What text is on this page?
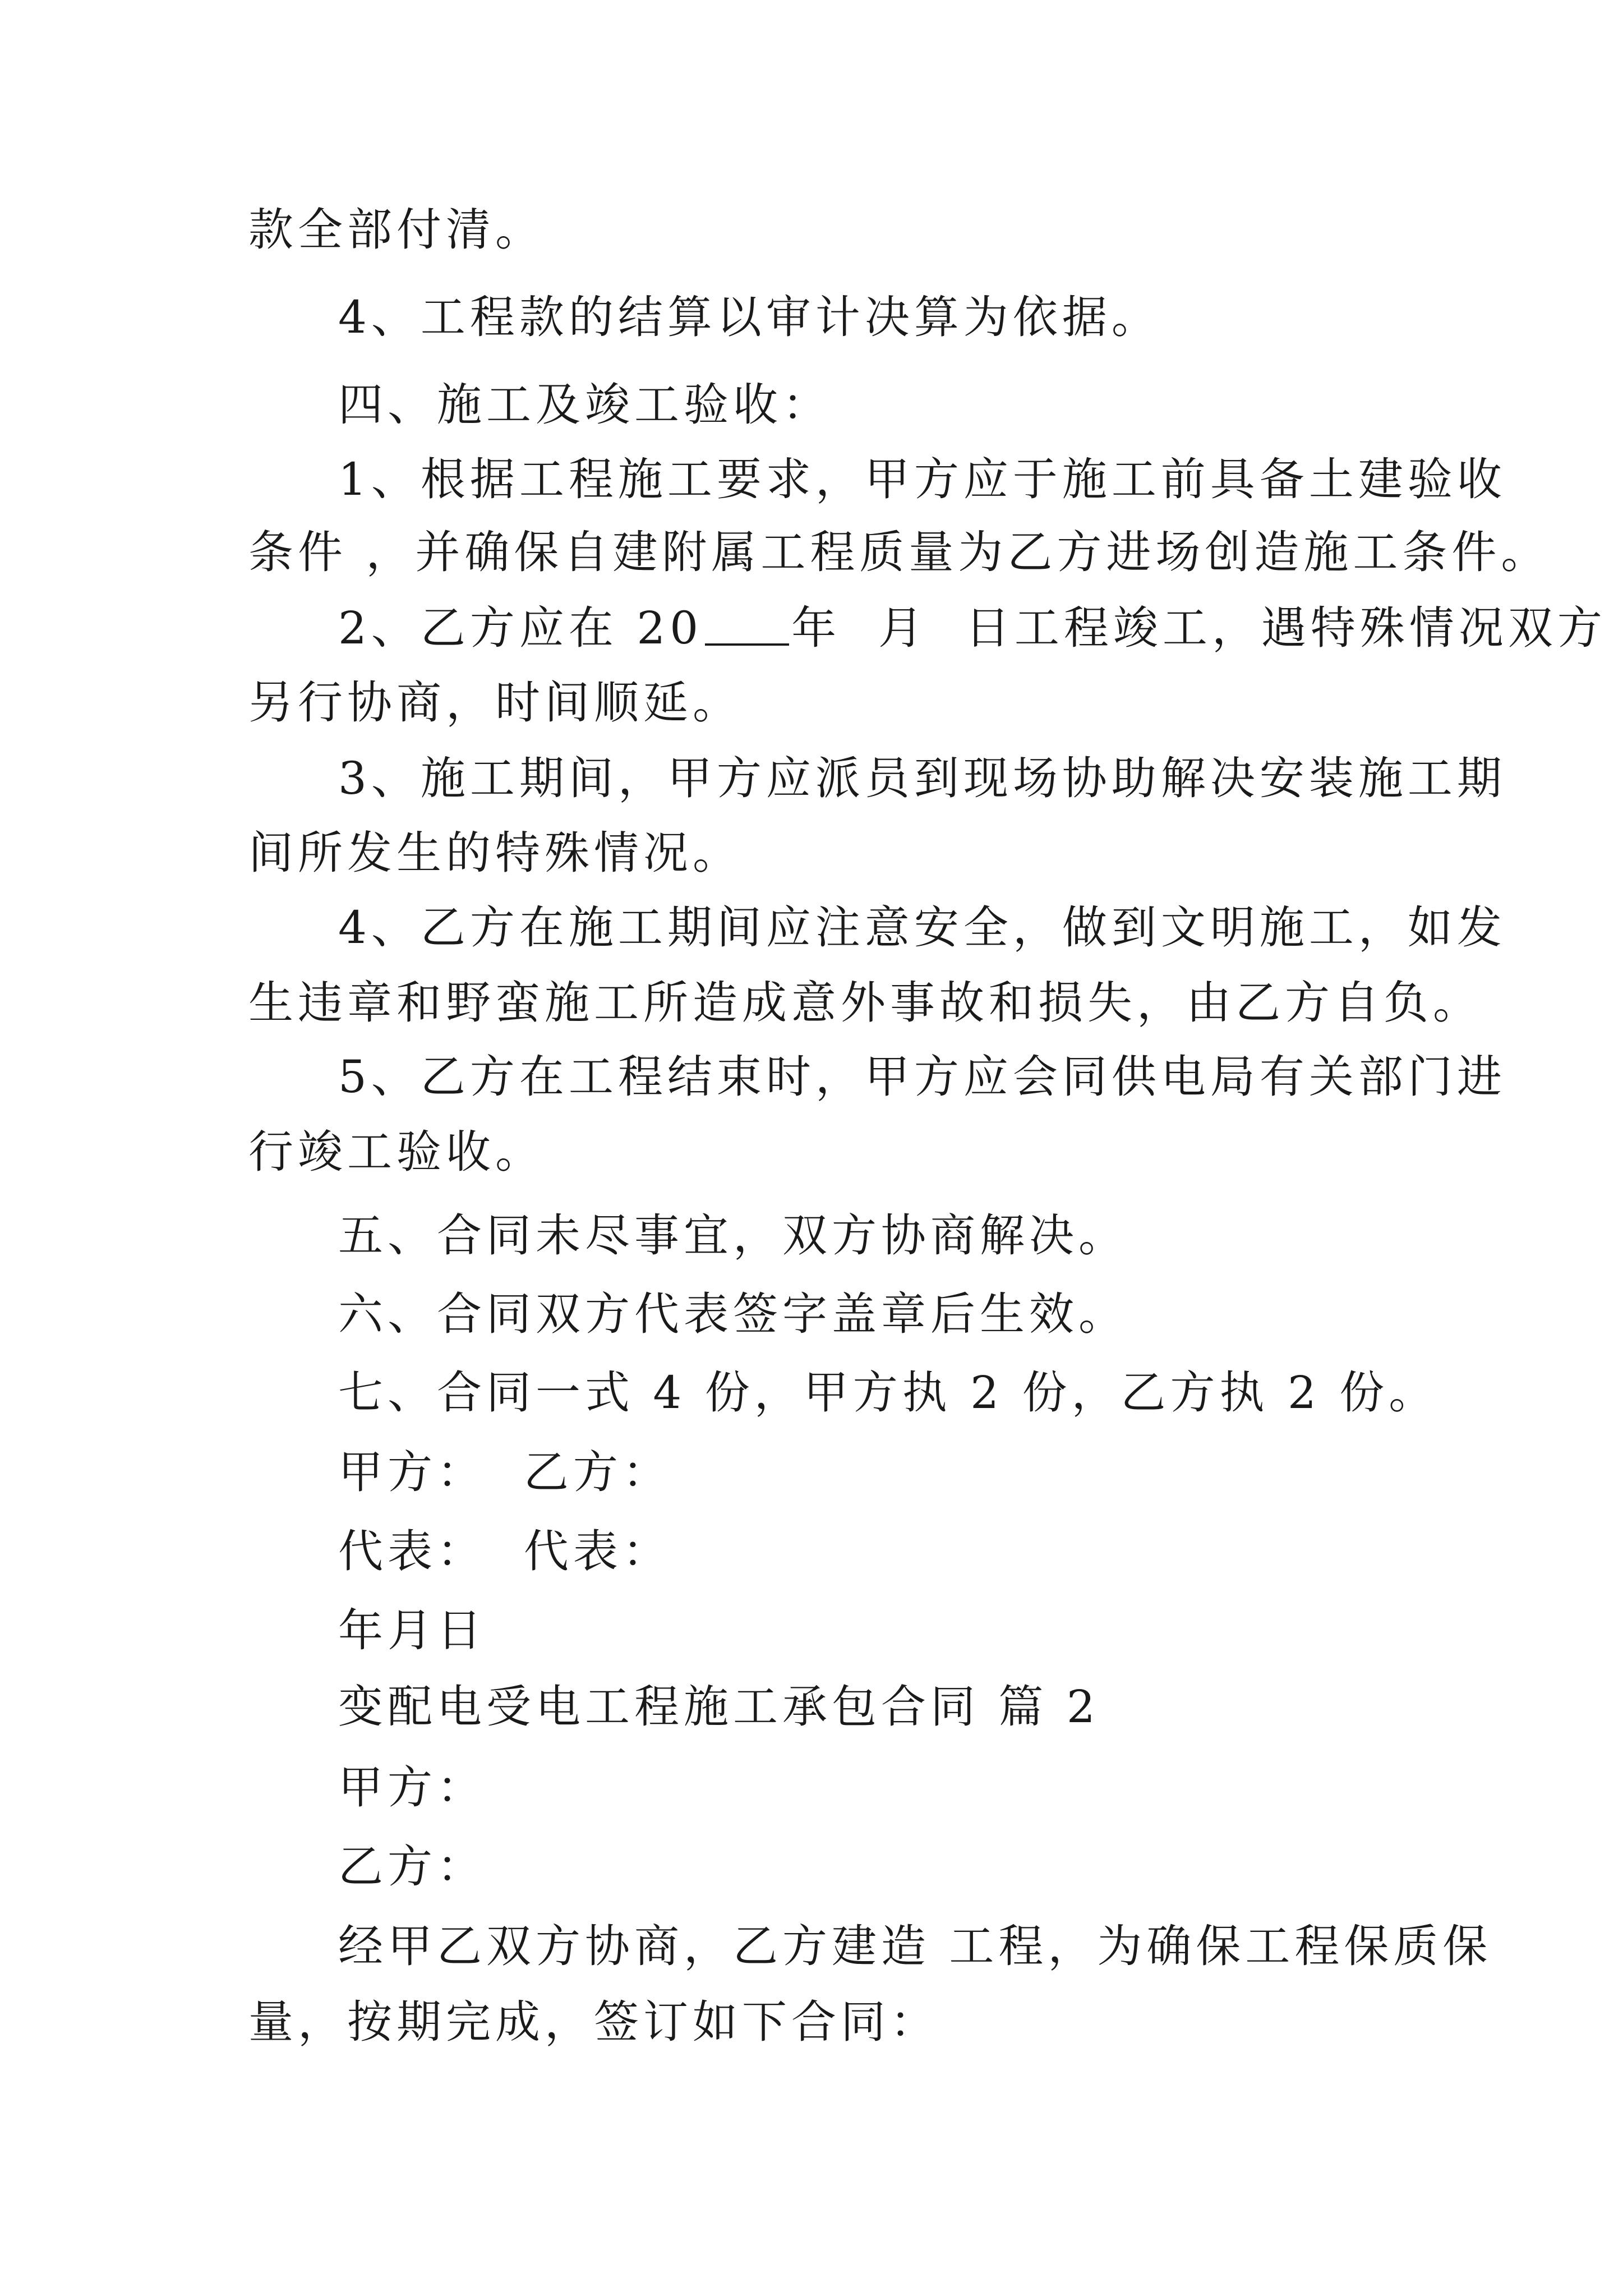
款全部付清。
4、工程款的结算以审计决算为依据。
四、施工及竣工验收：
1、根据工程施工要求，甲方应于施工前具备土建验收
条件 ，并确保自建附属工程质量为乙方进场创造施工条件。
2、乙方应在 20 年  月  日工程竣工，遇特殊情况双方
另行协商，时间顺延。
3、施工期间，甲方应派员到现场协助解决安装施工期
间所发生的特殊情况。
4、乙方在施工期间应注意安全，做到文明施工，如发
生违章和野蛮施工所造成意外事故和损失，由乙方自负。
5、乙方在工程结束时，甲方应会同供电局有关部门进
行竣工验收。
五、合同未尽事宜，双方协商解决。
六、合同双方代表签字盖章后生效。
七、合同一式 4 份，甲方执 2 份，乙方执 2 份。
甲方：  乙方：
代表：  代表：
年月日
变配电受电工程施工承包合同 篇 2
甲方：
乙方：
经甲乙双方协商，乙方建造 工程，为确保工程保质保
量，按期完成，签订如下合同：
